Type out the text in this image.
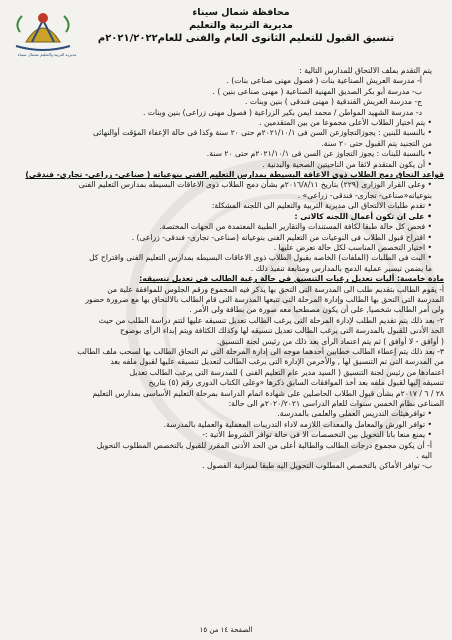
مديرية التربية والتعليم بشمال سيناء
محافظة شمال سيناء
مديرية التربية والتعليم
تنسيق القبول للتعليم الثانوى العام والفنى للعام٢٠٢١/٢٠٢٢م

يتم التقدم بملف الالتحاق للمدارس التالية :

أ- مدرسة العريش الصناعية بنات ( فصول مهنى صناعى بنات) .

ب- مدرسة أبو بكر الصديق المهنية الصناعية ( مهنى صناعى بنين ) .

ج- مدرسة العريش الفندقية ( مهنى فندقى ) بنين وبنات .

د- مدرسة الشهيد المواطن / محمد ايمن بكير الزراعية ( فصول مهنى زراعى) بنين وبنات .

• يتم اختيار الطلاب الأعلى مجموعا من بين المتقدمين .

• بالنسبة للبنين : يجوزالتجاوزعن السن فى ٢٠٢١/١٠/١م حتى ٢٠ سنة وكذا فى حالة الإعفاء المؤقت أوالنهائى

من التجنيد يتم القبول حتى ٢٠ سنة.

• بالنسبة للبنات : يجوز التجاوز عن السن فى ٢٠٢١/١٠/١م حتى ٢٠ سنة.

• أن يكون المتقدم لائقا من الناحيتين الصحية والبدنية .

قواعد التحاق دمج الطلاب ذوى الاعاقة البسيطة بمدارس التعليم الفنى بنوعياته ( صناعى- زراعى- تجارى- فندقى)

• وعلى القرار الوزارى (٢٢٩) بتاريخ ٢٠١٦/٨/١١م بشأن دمج الطلاب ذوى الاعاقات البسيطه بمدارس التعليم الفنى

بنوعياته«صناعى- تجارى- فندقى- زراعى» .

• تقدم طلبات الالتحاق الى مديرية التربية والتعليم الى اللجنه المشكلة:

• على ان تكون أعمال اللجنه كالاتى :

• فحص كل حالة طبقا لكافة المستندات والتقارير الطبية المعتمدة من الجهات المختصة.

• اقتراح قبول الطلاب فى النوعيات من التعليم الفنى بنوعياته (صناعى- تجارى- فندقى- زراعى) .

• اختيار التخصص المناسب لكل حالة تعرض عليها .

• البت فى الطلبات (الملفات) الخاصه بقبول الطلاب ذوى الاعاقات البسيطه بمدارس التعليم الفنى واقتراح كل

ما يضمن تيسير عملية الدمج بالمدارس ومتابعة تنفيذ ذلك .

مادة خامسة: أليات تعديل رغبات التنسيق فى حالة رغبة الطالب فى تعديل تنسيقه:

أ- يقوم الطالب بتقديم طلب الى المدرسة التى التحق بها يذكر فيه المجموع ورقم الجلوس للموافقة علية من

المدرسة التى التحق بها الطالب وإدارة المرحلة التى تتبعها المدرسة التى قام الطالب بالالتحاق بها مع ضرورة حضور

ولى أمر الطالب شخصيا, على أن يكون مصطحبا معه صورة من بطاقة ولى الأمر .

٢- بعد ذلك يتم تقديم الطلب لإدارة المرحلة التى يرغب الطالب تعديل تنسيقه عليها لتتم دراسة الطلب من حيث

الحد الأدنى للقبول بالمدرسة التى يرغب الطالب تعديل تنسيقه لها وكذلك الكثافة ويتم إبداء الرأى بوضوح

( أوافق - لا أوافق ) ثم يتم اعتماد الرأى بعد ذلك من رئيس لجنة التنسيق.

٣- بعد ذلك يتم إعطاء الطالب خطابين أحدهما موجه الى إدارة المرحلة التى تم التحاق الطالب بها لسحب ملف الطالب

من المدرسة التى تم التنسيق لها , والأخرمن الإدارة التى يرغب الطالب لتعديل تنسيقه عليها لقبول ملفه بعد

اعتمادها من رئيس لجنة التنسيق ( السيد مدير عام التعليم الفنى ) للمدرسة التى يرغب الطالب تعديل

تنسيقه إليها لقبول ملفه بعد أخذ الموافقات السابق ذكرها «وعلى الكتاب الدورى رقم (٥) بتاريخ

٢٨ / ٦ / ٢٠١٧م بشأن قبول الطلاب الحاصلين على شهادة اتمام الدراسة بمرحلة التعليم الأساسى بمدارس التعليم

الصناعى نظام الخمس سنوات للعام الدراسى ٢٠٢٠/٢٠٢١م الى حالة:

• توافرهيئات التدريس العملى والعلمى بالمدرسة.

• توافر الورش والمعامل والمعدات اللازمه لاداء التدريبات المعملية والعملية بالمدرسة.

• يمنع منعا باتا التحويل بين التخصصات الا فى حالة توافر الشروط الأتية :-

أ- أن يكون مجموع درجات الطالب والطالبة أعلى من الحد الأدنى المقرر للقبول بالتخصص المطلوب التحويل

اليه .

ب- توافر الأماكن بالتخصص المطلوب التحويل اليه طبقا لميزانية الفصول .

الصفحة ١٤ من ١٥
